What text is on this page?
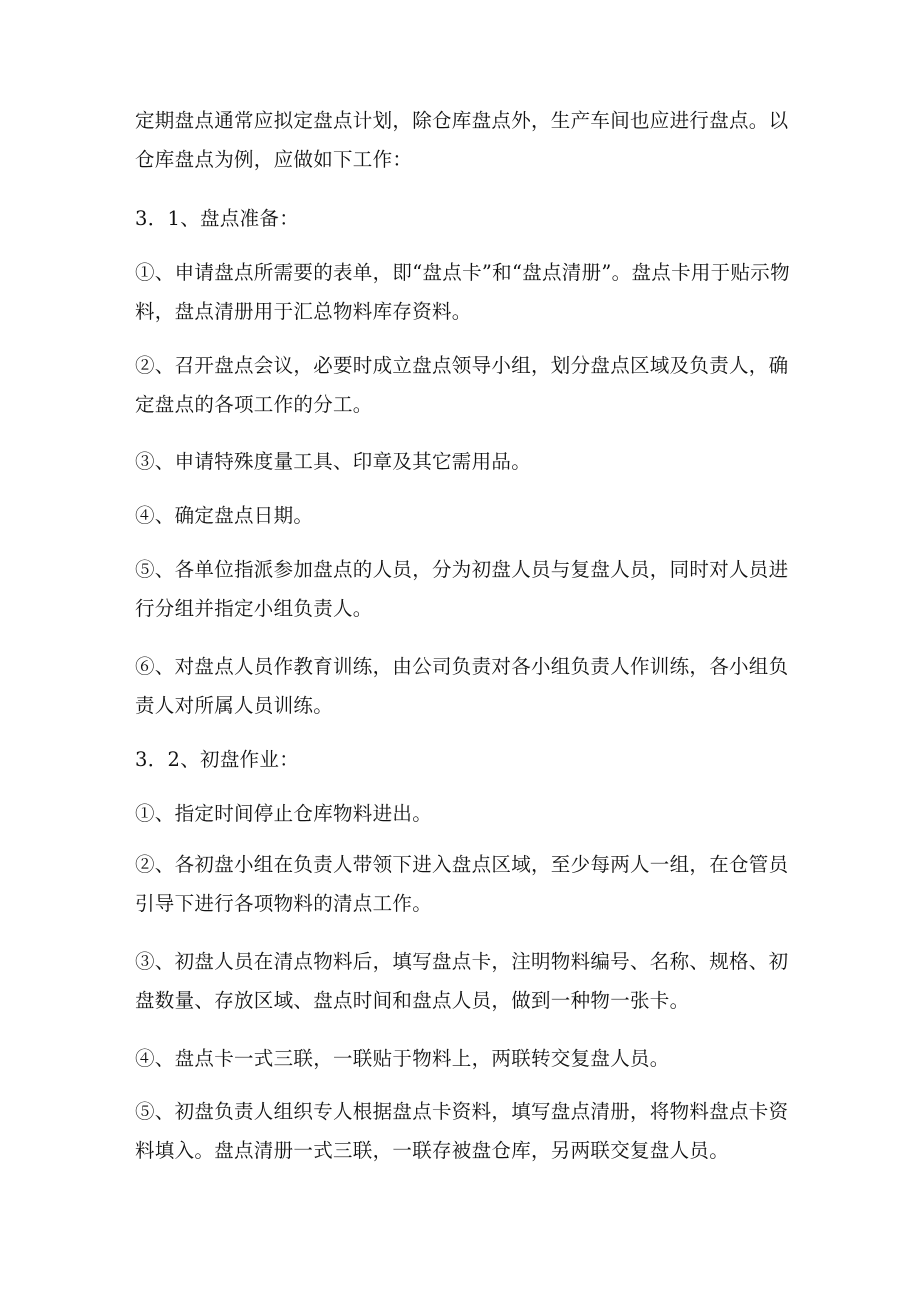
定期盘点通常应拟定盘点计划，除仓库盘点外，生产车间也应进行盘点。以仓库盘点为例，应做如下工作：

3．1、盘点准备：

①、申请盘点所需要的表单，即“盘点卡”和“盘点清册”。盘点卡用于贴示物料，盘点清册用于汇总物料库存资料。

②、召开盘点会议，必要时成立盘点领导小组，划分盘点区域及负责人，确定盘点的各项工作的分工。

③、申请特殊度量工具、印章及其它需用品。

④、确定盘点日期。

⑤、各单位指派参加盘点的人员，分为初盘人员与复盘人员，同时对人员进行分组并指定小组负责人。

⑥、对盘点人员作教育训练，由公司负责对各小组负责人作训练，各小组负责人对所属人员训练。

3．2、初盘作业：

①、指定时间停止仓库物料进出。

②、各初盘小组在负责人带领下进入盘点区域，至少每两人一组，在仓管员引导下进行各项物料的清点工作。

③、初盘人员在清点物料后，填写盘点卡，注明物料编号、名称、规格、初盘数量、存放区域、盘点时间和盘点人员，做到一种物一张卡。

④、盘点卡一式三联，一联贴于物料上，两联转交复盘人员。

⑤、初盘负责人组织专人根据盘点卡资料，填写盘点清册，将物料盘点卡资料填入。盘点清册一式三联，一联存被盘仓库，另两联交复盘人员。
